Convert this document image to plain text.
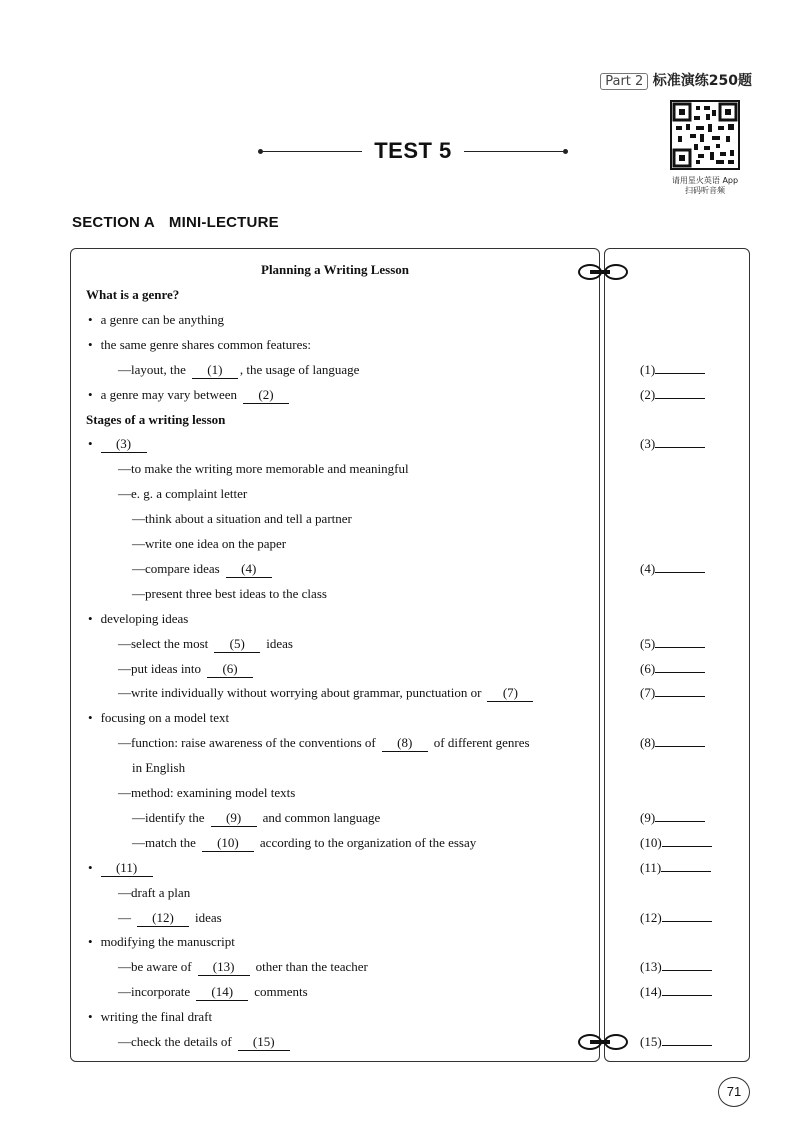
Part 2 标准演练250题
请用星火英语 App
扫码听音频
TEST 5
SECTION A MINI-LECTURE
Planning a Writing Lesson
What is a genre?
• a genre can be anything
• the same genre shares common features:
—layout, the (1) , the usage of language	(1)
• a genre may vary between (2)	(2)
Stages of a writing lesson
• (3)	(3)
—to make the writing more memorable and meaningful
—e. g. a complaint letter
—think about a situation and tell a partner
—write one idea on the paper
—compare ideas (4)	(4)
—present three best ideas to the class
• developing ideas
—select the most (5) ideas	(5)
—put ideas into (6)	(6)
—write individually without worrying about grammar, punctuation or (7)	(7)
• focusing on a model text
—function: raise awareness of the conventions of (8) of different genres	(8)
in English
—method: examining model texts
—identify the (9) and common language	(9)
—match the (10) according to the organization of the essay	(10)
• (11)	(11)
—draft a plan
— (12) ideas	(12)
• modifying the manuscript
—be aware of (13) other than the teacher	(13)
—incorporate (14) comments	(14)
• writing the final draft
—check the details of (15)	(15)
71
